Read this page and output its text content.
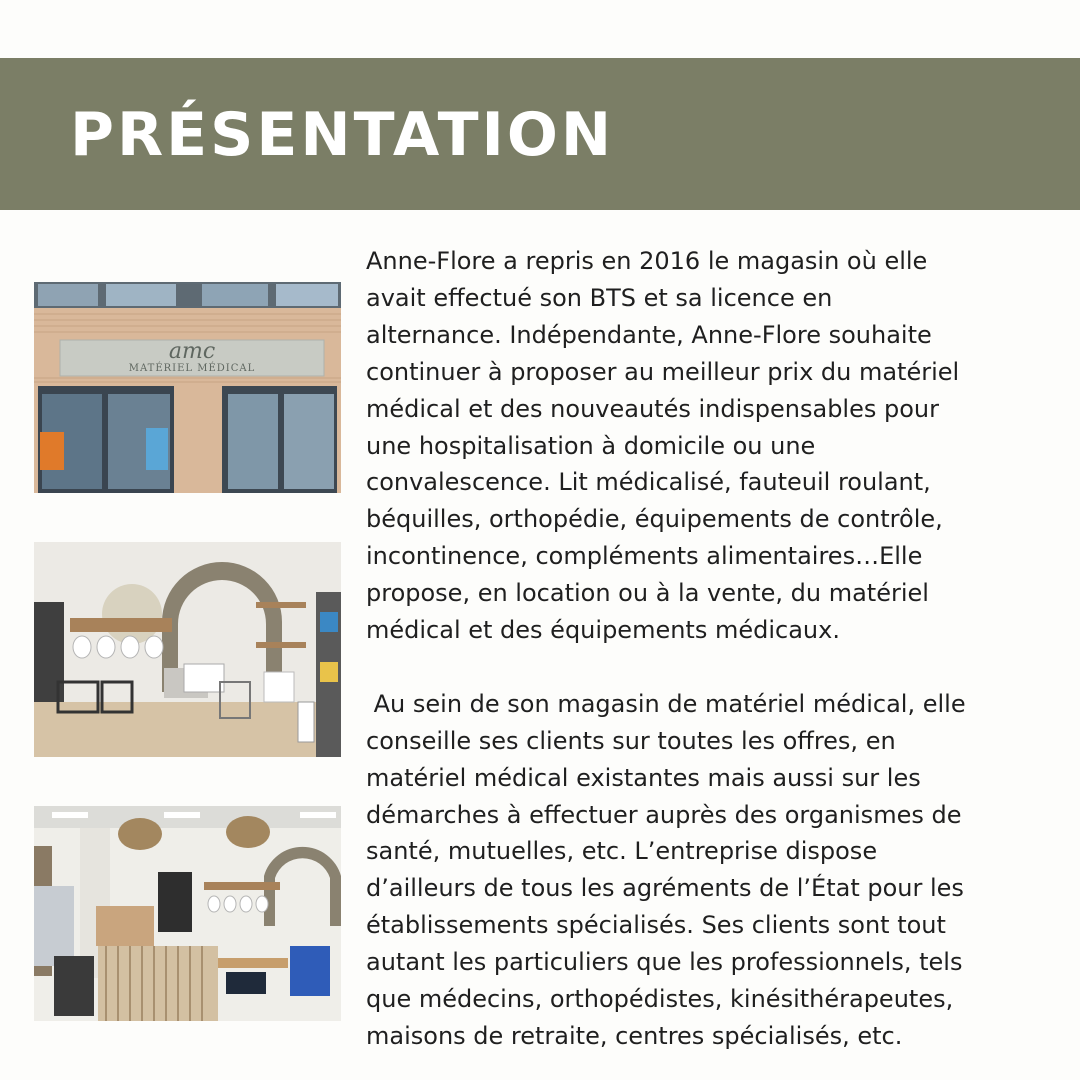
PRÉSENTATION
amc
MATÉRIEL MÉDICAL

Anne-Flore a repris en 2016 le magasin où elle
avait effectué son BTS et sa licence en
alternance. Indépendante, Anne-Flore souhaite
continuer à proposer au meilleur prix du matériel
médical et des nouveautés indispensables pour
une hospitalisation à domicile ou une
convalescence. Lit médicalisé, fauteuil roulant,
béquilles, orthopédie, équipements de contrôle,
incontinence, compléments alimentaires…Elle
propose, en location ou à la vente, du matériel
médical et des équipements médicaux.

Au sein de son magasin de matériel médical, elle
conseille ses clients sur toutes les offres, en
matériel médical existantes mais aussi sur les
démarches à effectuer auprès des organismes de
santé, mutuelles, etc. L’entreprise dispose
d’ailleurs de tous les agréments de l’État pour les
établissements spécialisés. Ses clients sont tout
autant les particuliers que les professionnels, tels
que médecins, orthopédistes, kinésithérapeutes,
maisons de retraite, centres spécialisés, etc.
